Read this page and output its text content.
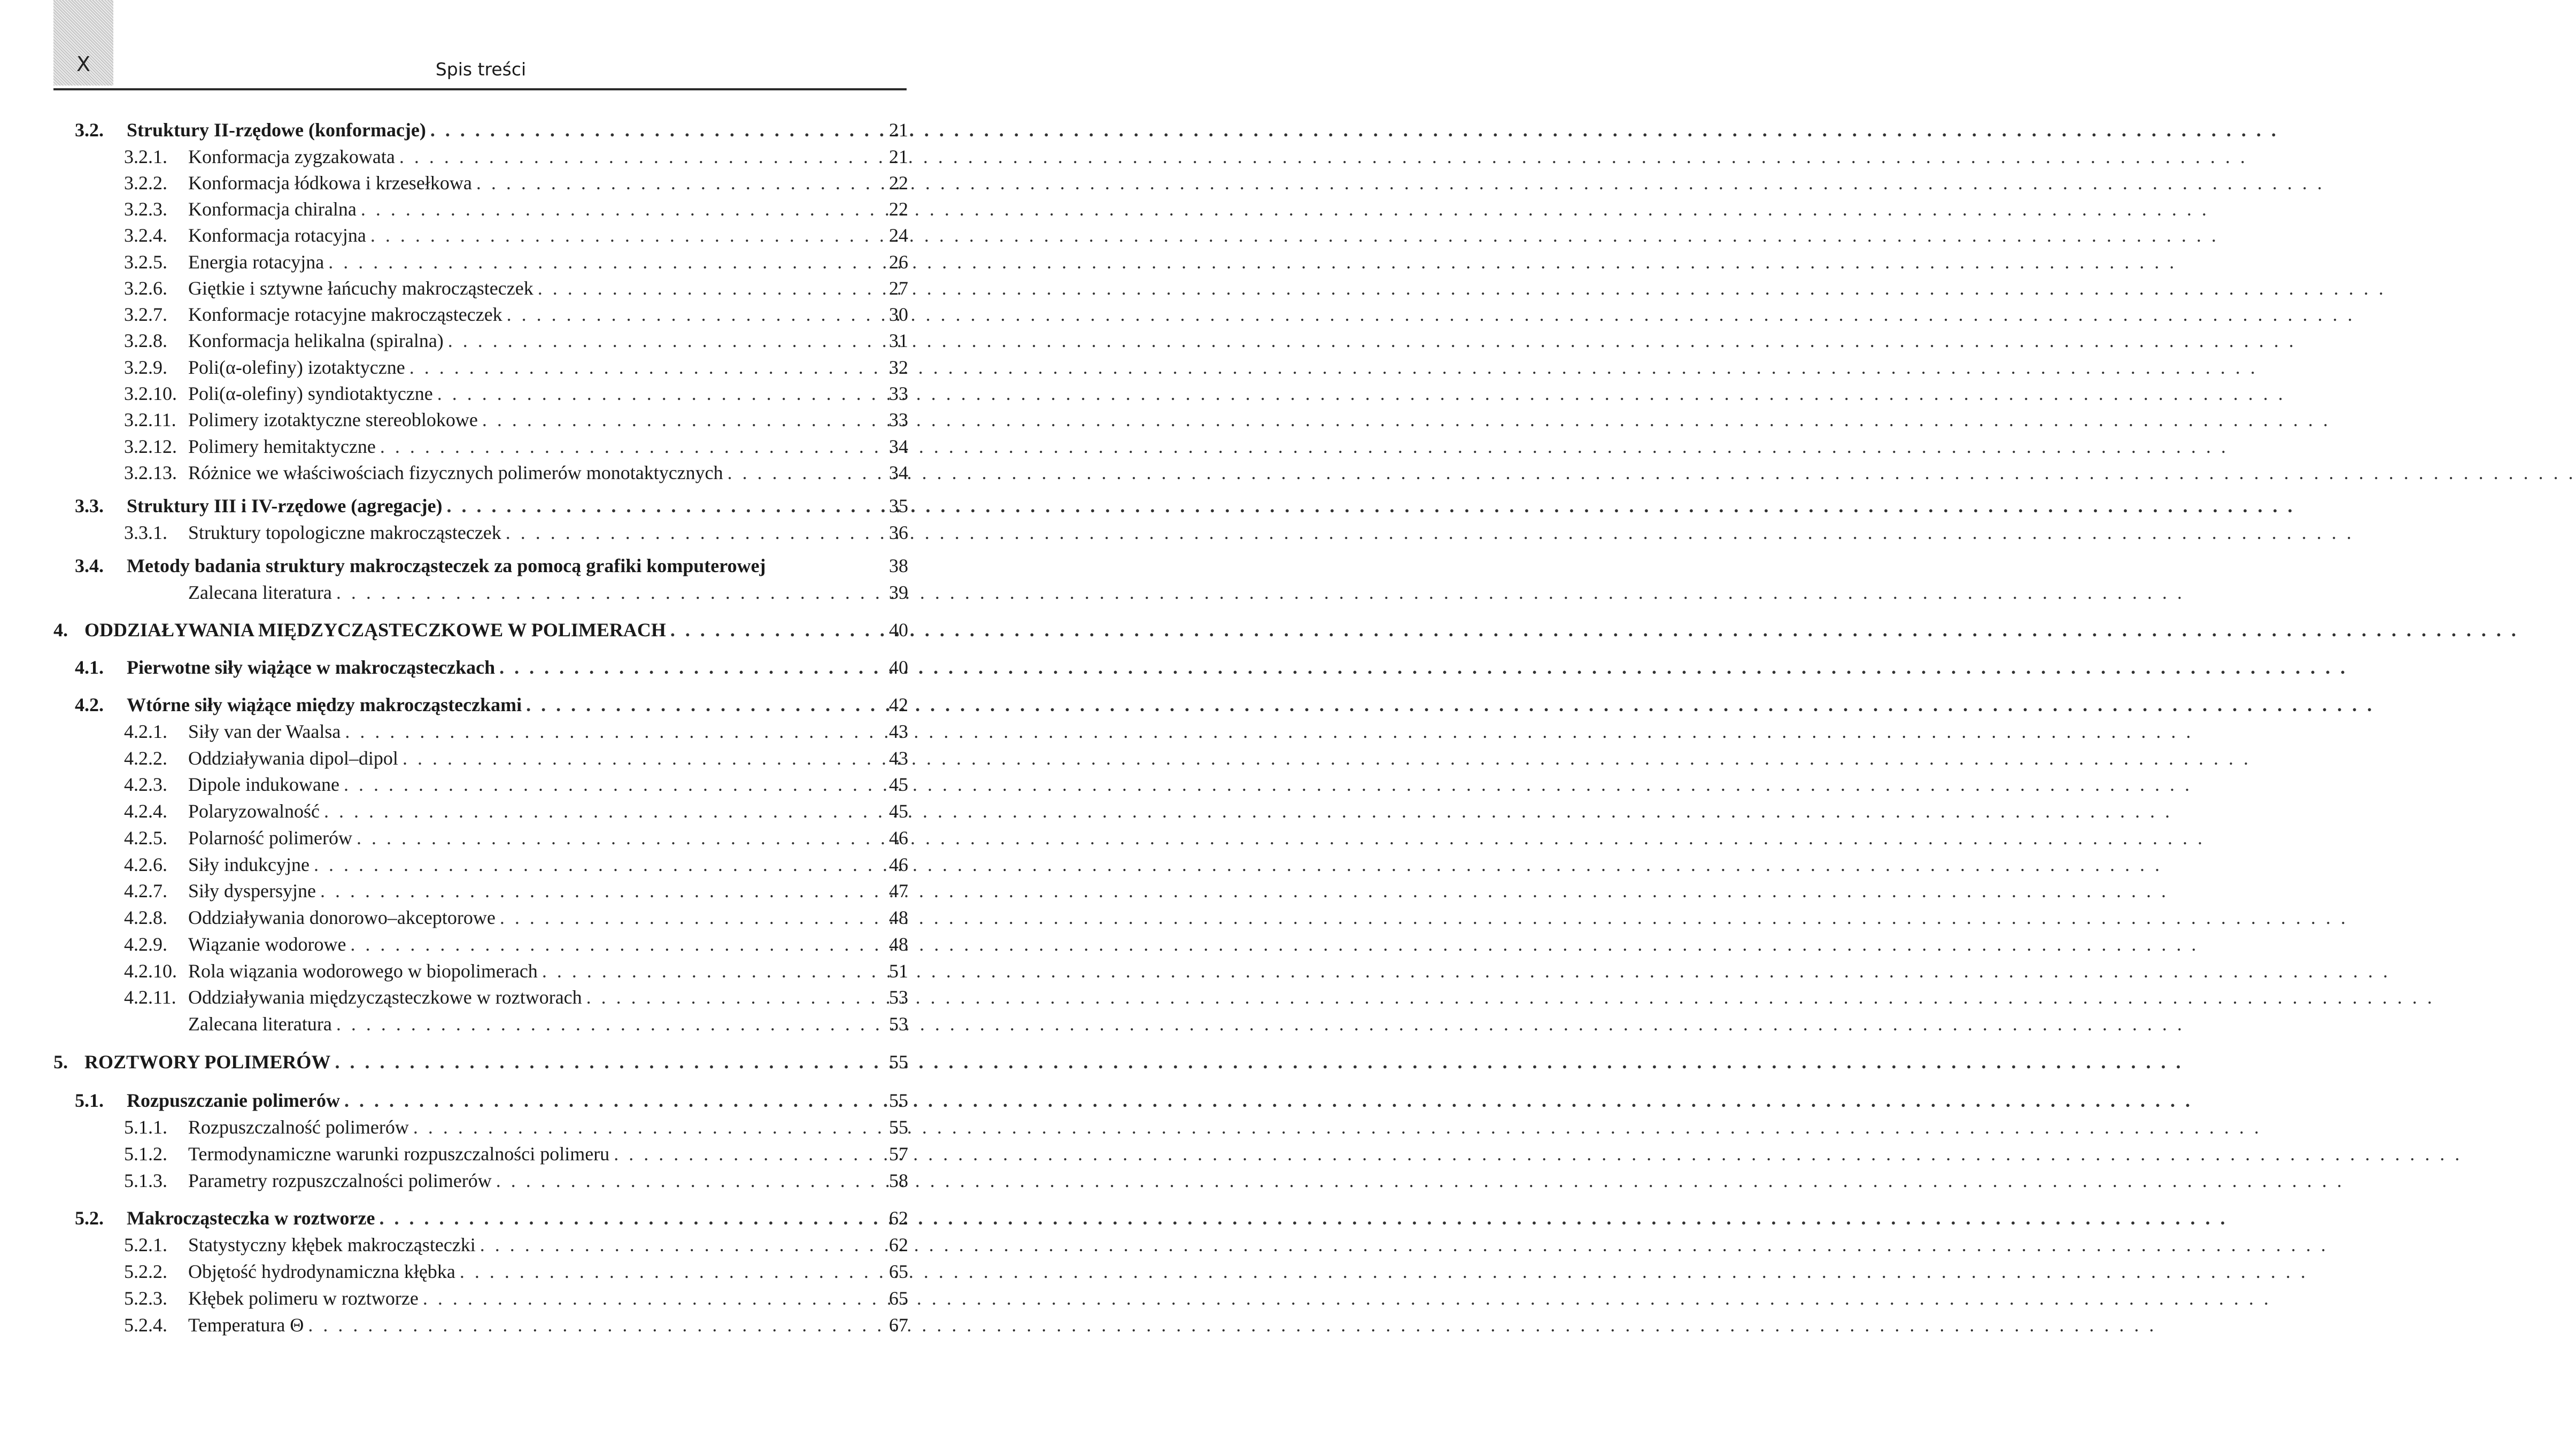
X	Spis treści
3.2.	Struktury II-rzędowe (konformacje) . . .	21
3.2.1.	Konformacja zygzakowata . . .	21
3.2.2.	Konformacja łódkowa i krzesełkowa . . .	22
3.2.3.	Konformacja chiralna . . .	22
3.2.4.	Konformacja rotacyjna . . .	24
3.2.5.	Energia rotacyjna . . .	26
3.2.6.	Giętkie i sztywne łańcuchy makrocząsteczek . . .	27
3.2.7.	Konformacje rotacyjne makrocząsteczek . . .	30
3.2.8.	Konformacja helikalna (spiralna) . . .	31
3.2.9.	Poli(α-olefiny) izotaktyczne . . .	32
3.2.10. Poli(α-olefiny) syndiotaktyczne . . .	33
3.2.11. Polimery izotaktyczne stereoblokowe . . .	33
3.2.12. Polimery hemitaktyczne . . .	34
3.2.13. Różnice we właściwościach fizycznych polimerów monotaktycznych . . .	34
3.3.	Struktury III i IV-rzędowe (agregacje) . . .	35
3.3.1.	Struktury topologiczne makrocząsteczek . . .	36
3.4.	Metody badania struktury makrocząsteczek za pomocą grafiki komputerowej	38
Zalecana literatura . . .	39
4. ODDZIAŁYWANIA MIĘDZYCZĄSTECZKOWE W POLIMERACH . . .	40
4.1.	Pierwotne siły wiążące w makrocząsteczkach . . .	40
4.2.	Wtórne siły wiążące między makrocząsteczkami . . .	42
4.2.1.	Siły van der Waalsa . . .	43
4.2.2.	Oddziaływania dipol–dipol . . .	43
4.2.3.	Dipole indukowane . . .	45
4.2.4.	Polaryzowalność . . .	45
4.2.5.	Polarność polimerów . . .	46
4.2.6.	Siły indukcyjne . . .	46
4.2.7.	Siły dyspersyjne . . .	47
4.2.8.	Oddziaływania donorowo–akceptorowe . . .	48
4.2.9.	Wiązanie wodorowe . . .	48
4.2.10. Rola wiązania wodorowego w biopolimerach . . .	51
4.2.11. Oddziaływania międzycząsteczkowe w roztworach . . .	53
Zalecana literatura . . .	53
5. ROZTWORY POLIMERÓW . . .	55
5.1.	Rozpuszczanie polimerów . . .	55
5.1.1.	Rozpuszczalność polimerów . . .	55
5.1.2.	Termodynamiczne warunki rozpuszczalności polimeru . . .	57
5.1.3.	Parametry rozpuszczalności polimerów . . .	58
5.2.	Makrocząsteczka w roztworze . . .	62
5.2.1.	Statystyczny kłębek makrocząsteczki . . .	62
5.2.2.	Objętość hydrodynamiczna kłębka . . .	65
5.2.3.	Kłębek polimeru w roztworze . . .	65
5.2.4.	Temperatura Θ . . .	67
